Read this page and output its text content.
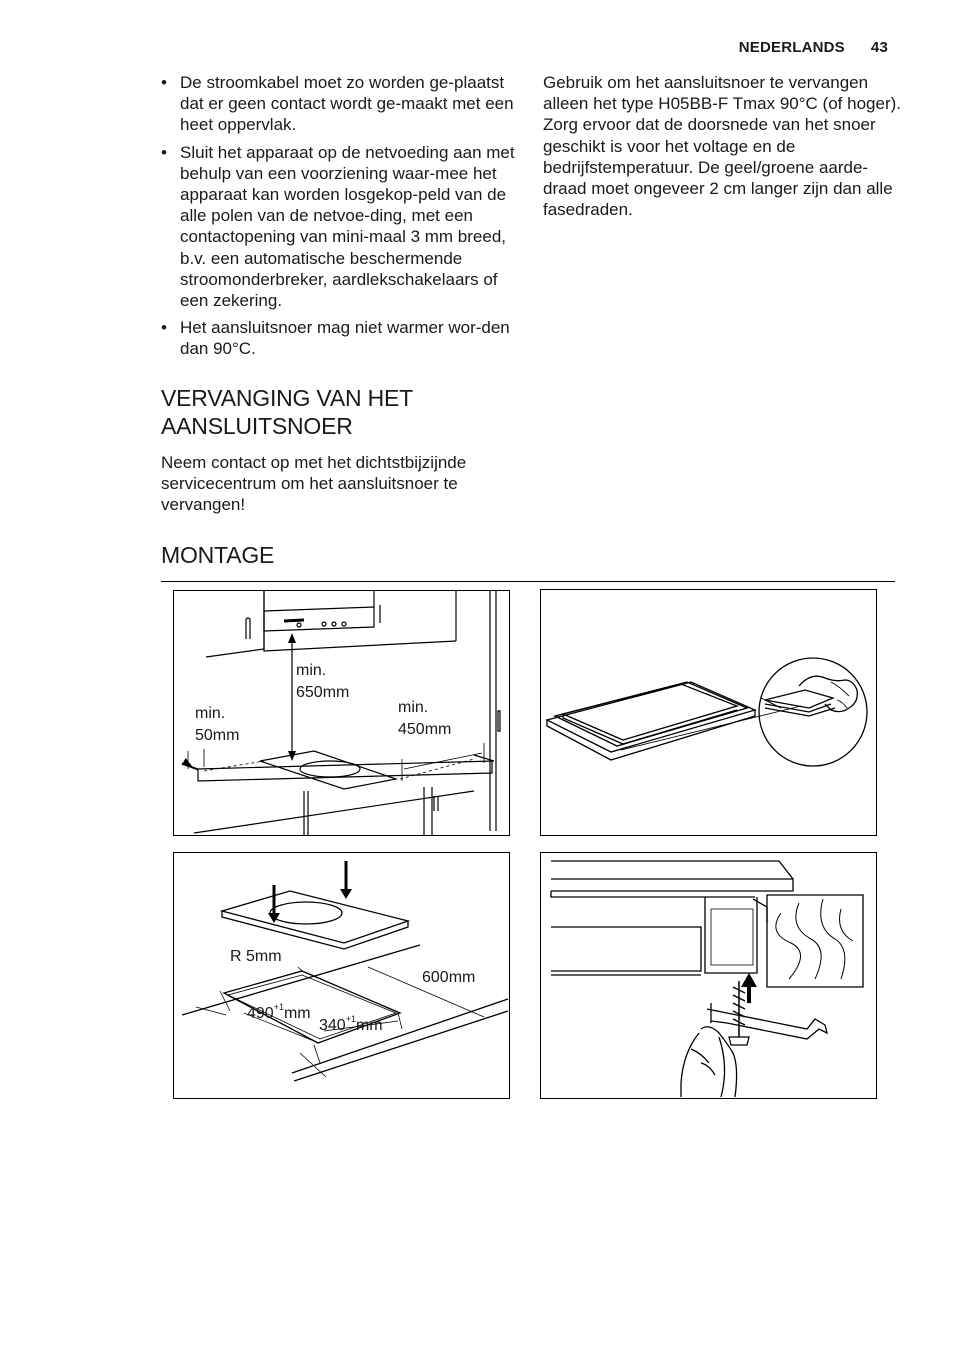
NEDERLANDS 43
• De stroomkabel moet zo worden ge-plaatst dat er geen contact wordt ge-maakt met een heet oppervlak.
• Sluit het apparaat op de netvoeding aan met behulp van een voorziening waar-mee het apparaat kan worden losgekop-peld van de alle polen van de netvoe-ding, met een contactopening van mini-maal 3 mm breed, b.v. een automatische beschermende stroomonderbreker, aardlekschakelaars of een zekering.
• Het aansluitsnoer mag niet warmer wor-den dan 90°C.

Gebruik om het aansluitsnoer te vervangen alleen het type H05BB-F Tmax 90°C (of hoger). Zorg ervoor dat de doorsnede van het snoer geschikt is voor het voltage en de bedrijfstemperatuur. De geel/groene aarde-draad moet ongeveer 2 cm langer zijn dan alle fasedraden.

VERVANGING VAN HET AANSLUITSNOER

Neem contact op met het dichtstbijzijnde servicecentrum om het aansluitsnoer te vervangen!

MONTAGE
min.
650mm
min.
50mm
min.
450mm
R 5mm
600mm
$490^{+1}mm$
$340^{+1}mm$
